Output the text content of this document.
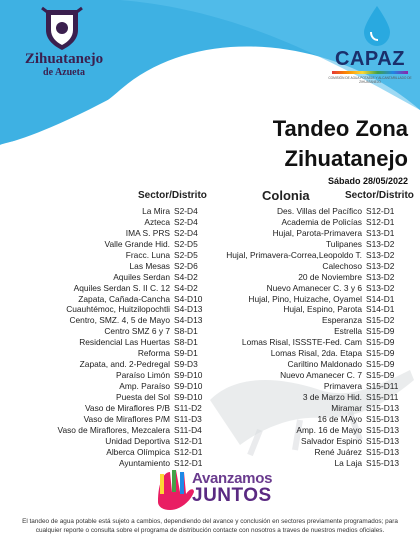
Zihuatanejo
de Azueta
CAPAZ
COMISIÓN DE AGUA POTABLE Y ALCANTARILLADO DE ZIHUATANEJO
Tandeo Zona
Zihuatanejo
Sábado 28/05/2022
Sector/Distrito	Colonia	Sector/Distrito
La Mira S2-D4
Azteca S2-D4
IMA S. PRS S2-D4
Valle Grande Hid. S2-D5
Fracc. Luna S2-D5
Las Mesas S2-D6
Aquiles Serdan S4-D2
Aquiles Serdan S. II C. 12 S4-D2
Zapata, Cañada-Cancha S4-D10
Cuauhtémoc, Huitzilopochtli S4-D13
Centro, SMZ. 4, 5 de Mayo S4-D13
Centro SMZ 6 y 7 S8-D1
Residencial Las Huertas S8-D1
Reforma S9-D1
Zapata, and. 2-Pedregal S9-D3
Paraíso Limón S9-D10
Amp. Paraíso S9-D10
Puesta del Sol S9-D10
Vaso de Miraflores P/B S11-D2
Vaso de Miraflores P/M S11-D3
Vaso de Miraflores, Mezcalera S11-D4
Unidad Deportiva S12-D1
Alberca Olímpica S12-D1
Ayuntamiento S12-D1
Des. Villas del Pacífico S12-D1
Academia de Policías S12-D1
Hujal, Parota-Primavera S13-D1
Tulipanes S13-D2
Hujal, Primavera-Correa,Leopoldo T. S13-D2
Calechoso S13-D2
20 de Noviembre S13-D2
Nuevo Amanecer C. 3 y 6 S13-D2
Hujal, Pino, Huizache, Oyamel S14-D1
Hujal, Espino, Parota S14-D1
Esperanza S15-D2
Estrella S15-D9
Lomas Risal, ISSSTE-Fed. Cam S15-D9
Lomas Risal, 2da. Etapa S15-D9
Cariltino Maldonado S15-D9
Nuevo Amanecer C. 7 S15-D9
Primavera S15-D11
3 de Marzo Hid. S15-D11
Miramar S15-D13
16 de MAyo S15-D13
Amp. 16 de Mayo S15-D13
Salvador Espino S15-D13
René Juárez S15-D13
La Laja S15-D13
Avanzamos
JUNTOS
El tandeo de agua potable está sujeto a cambios, dependiendo del avance y conclusión en sectores previamente programados; para cualquier reporte o consulta sobre el programa de distribución contacte con nosotros a traves de nuestros medios oficiales.
